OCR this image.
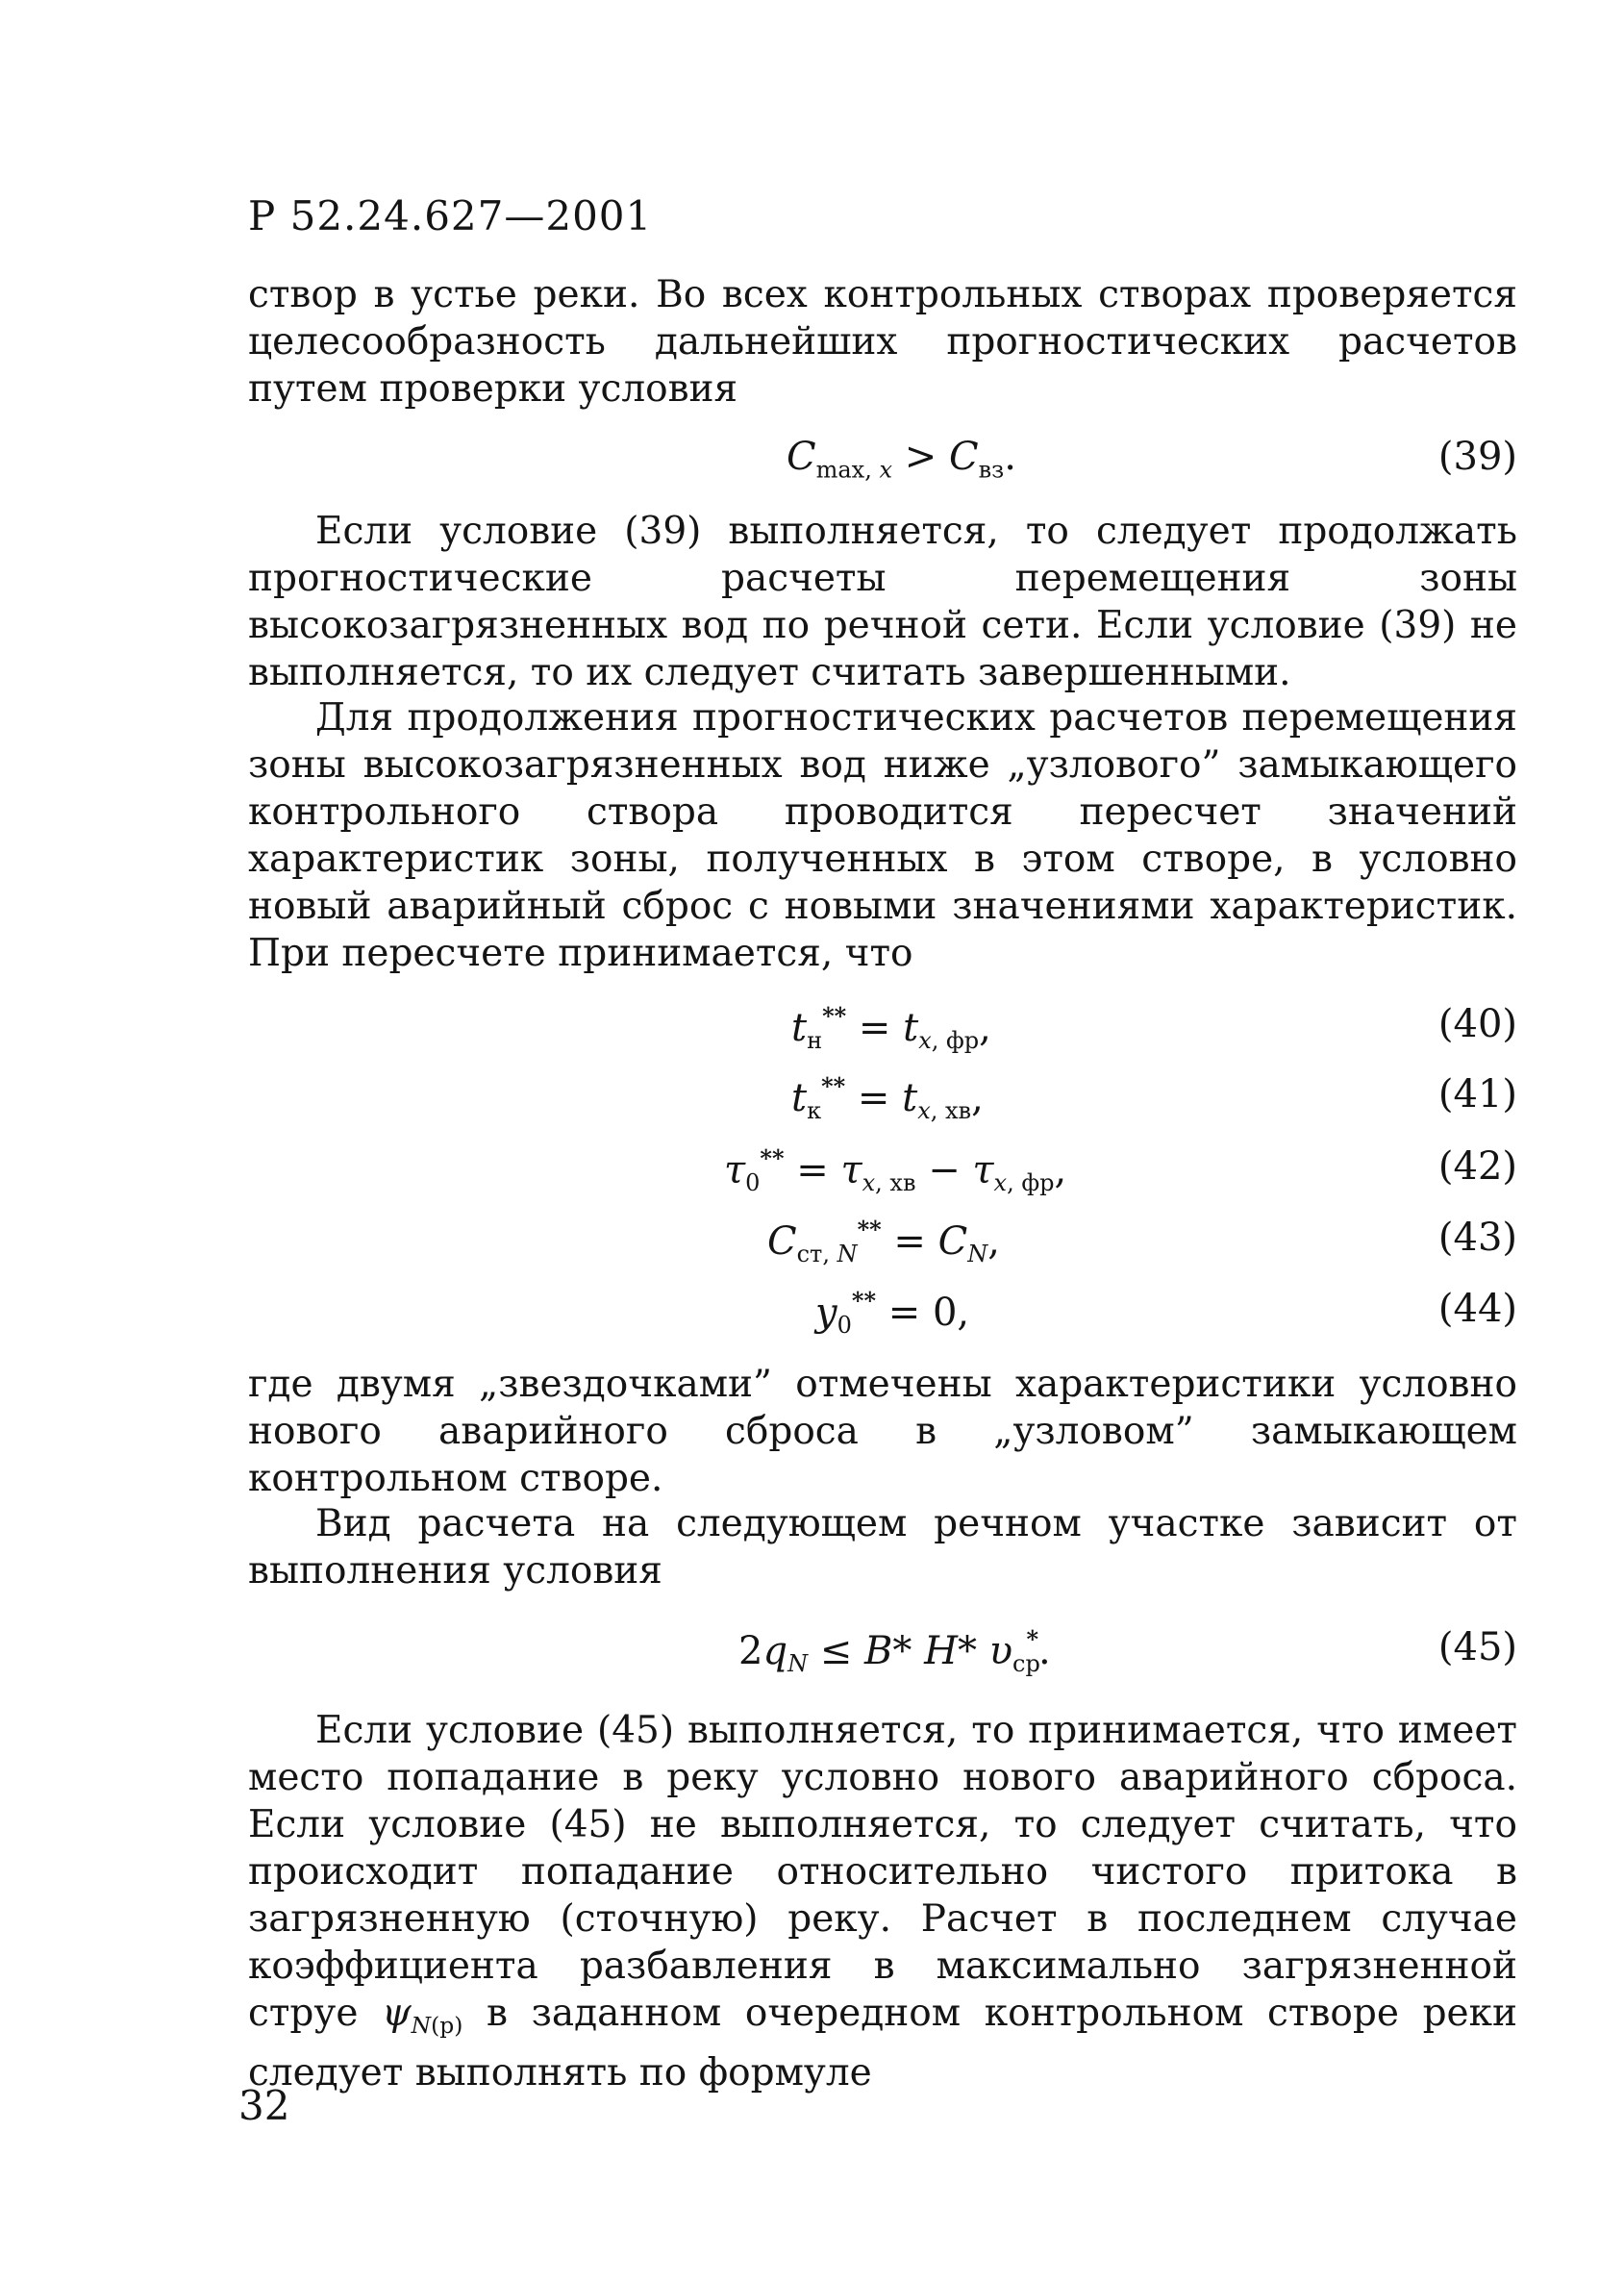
Р 52.24.627—2001

створ в устье реки. Во всех контрольных створах проверяется целесообразность дальнейших прогностических расчетов путем проверки условия

$C_{max, x} > C_{вз}$.	(39)

Если условие (39) выполняется, то следует продолжать прогностические расчеты перемещения зоны высокозагрязненных вод по речной сети. Если условие (39) не выполняется, то их следует считать завершенными.

Для продолжения прогностических расчетов перемещения зоны высокозагрязненных вод ниже „узлового” замыкающего контрольного створа проводится пересчет значений характеристик зоны, полученных в этом створе, в условно новый аварийный сброс с новыми значениями характеристик. При пересчете принимается, что

$t_н^{**} = t_{x, фр}$,	(40)
$t_к^{**} = t_{x, хв}$,	(41)
$\tau_0^{**} = \tau_{x, хв} - \tau_{x, фр}$,	(42)
$C_{ст, N}^{**} = C_N$,	(43)
$y_0^{**} = 0$,	(44)

где двумя „звездочками” отмечены характеристики условно нового аварийного сброса в „узловом” замыкающем контрольном створе.

Вид расчета на следующем речном участке зависит от выполнения условия

$2q_N \le B*$ H* $\upsilon_{ср}^*$.	(45)

Если условие (45) выполняется, то принимается, что имеет место попадание в реку условно нового аварийного сброса. Если условие (45) не выполняется, то следует считать, что происходит попадание относительно чистого притока в загрязненную (сточную) реку. Расчет в последнем случае коэффициента разбавления в максимально загрязненной струе $\psi_{N(р)}$ в заданном очередном контрольном створе реки следует выполнять по формуле

32
